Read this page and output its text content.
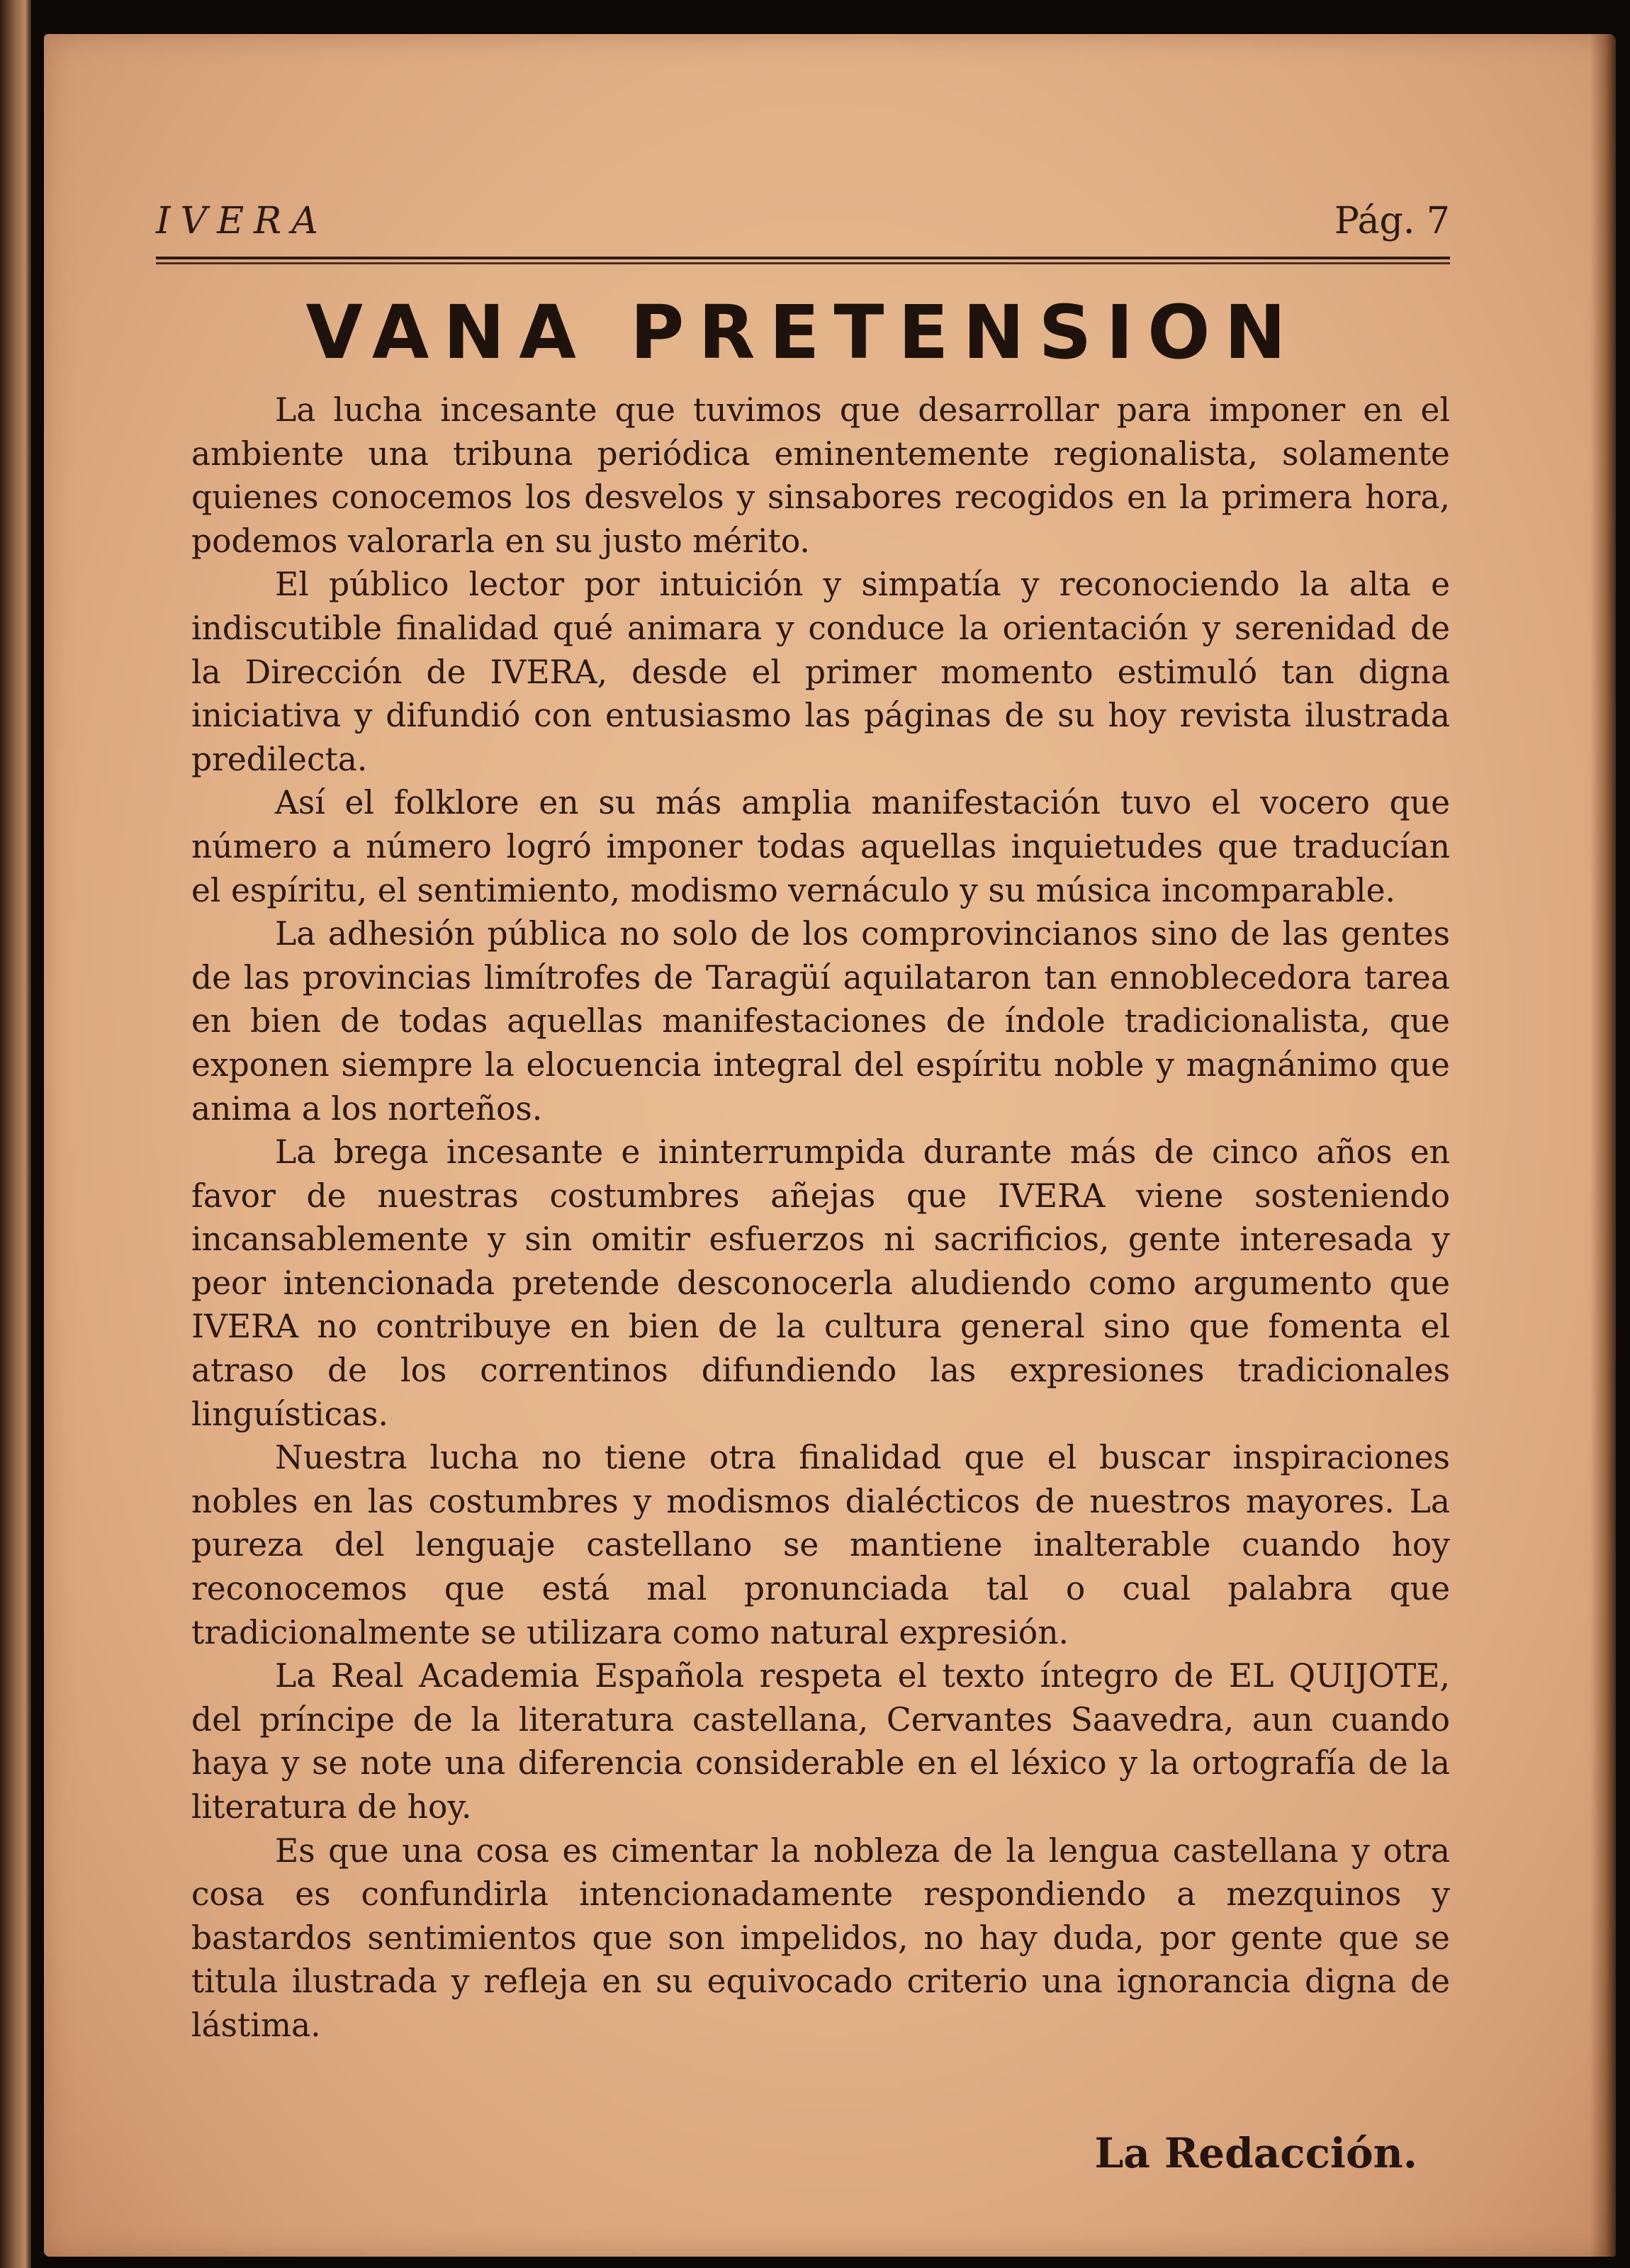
IVERA	Pág. 7
VANA PRETENSION

La lucha incesante que tuvimos que desarrollar para imponer en el ambiente una tribuna periódica eminentemente regionalista, solamente quienes conocemos los desvelos y sinsabores recogidos en la primera hora, podemos valorarla en su justo mérito.

El público lector por intuición y simpatía y reconociendo la alta e indiscutible finalidad qué animara y conduce la orientación y serenidad de la Dirección de IVERA, desde el primer momento estimuló tan digna iniciativa y difundió con entusiasmo las páginas de su hoy revista ilustrada predilecta.

Así el folklore en su más amplia manifestación tuvo el vocero que número a número logró imponer todas aquellas inquietudes que traducían el espíritu, el sentimiento, modismo vernáculo y su música incomparable.

La adhesión pública no solo de los comprovincianos sino de las gentes de las provincias limítrofes de Taragüí aquilataron tan ennoblecedora tarea en bien de todas aquellas manifestaciones de índole tradicionalista, que exponen siempre la elocuencia integral del espíritu noble y magnánimo que anima a los norteños.

La brega incesante e ininterrumpida durante más de cinco años en favor de nuestras costumbres añejas que IVERA viene sosteniendo incansablemente y sin omitir esfuerzos ni sacrificios, gente interesada y peor intencionada pretende desconocerla aludiendo como argumento que IVERA no contribuye en bien de la cultura general sino que fomenta el atraso de los correntinos difundiendo las expresiones tradicionales linguísticas.

Nuestra lucha no tiene otra finalidad que el buscar inspiraciones nobles en las costumbres y modismos dialécticos de nuestros mayores. La pureza del lenguaje castellano se mantiene inalterable cuando hoy reconocemos que está mal pronunciada tal o cual palabra que tradicionalmente se utilizara como natural expresión.

La Real Academia Española respeta el texto íntegro de EL QUIJOTE, del príncipe de la literatura castellana, Cervantes Saavedra, aun cuando haya y se note una diferencia considerable en el léxico y la ortografía de la literatura de hoy.

Es que una cosa es cimentar la nobleza de la lengua castellana y otra cosa es confundirla intencionadamente respondiendo a mezquinos y bastardos sentimientos que son impelidos, no hay duda, por gente que se titula ilustrada y refleja en su equivocado criterio una ignorancia digna de lástima.

La Redacción.
